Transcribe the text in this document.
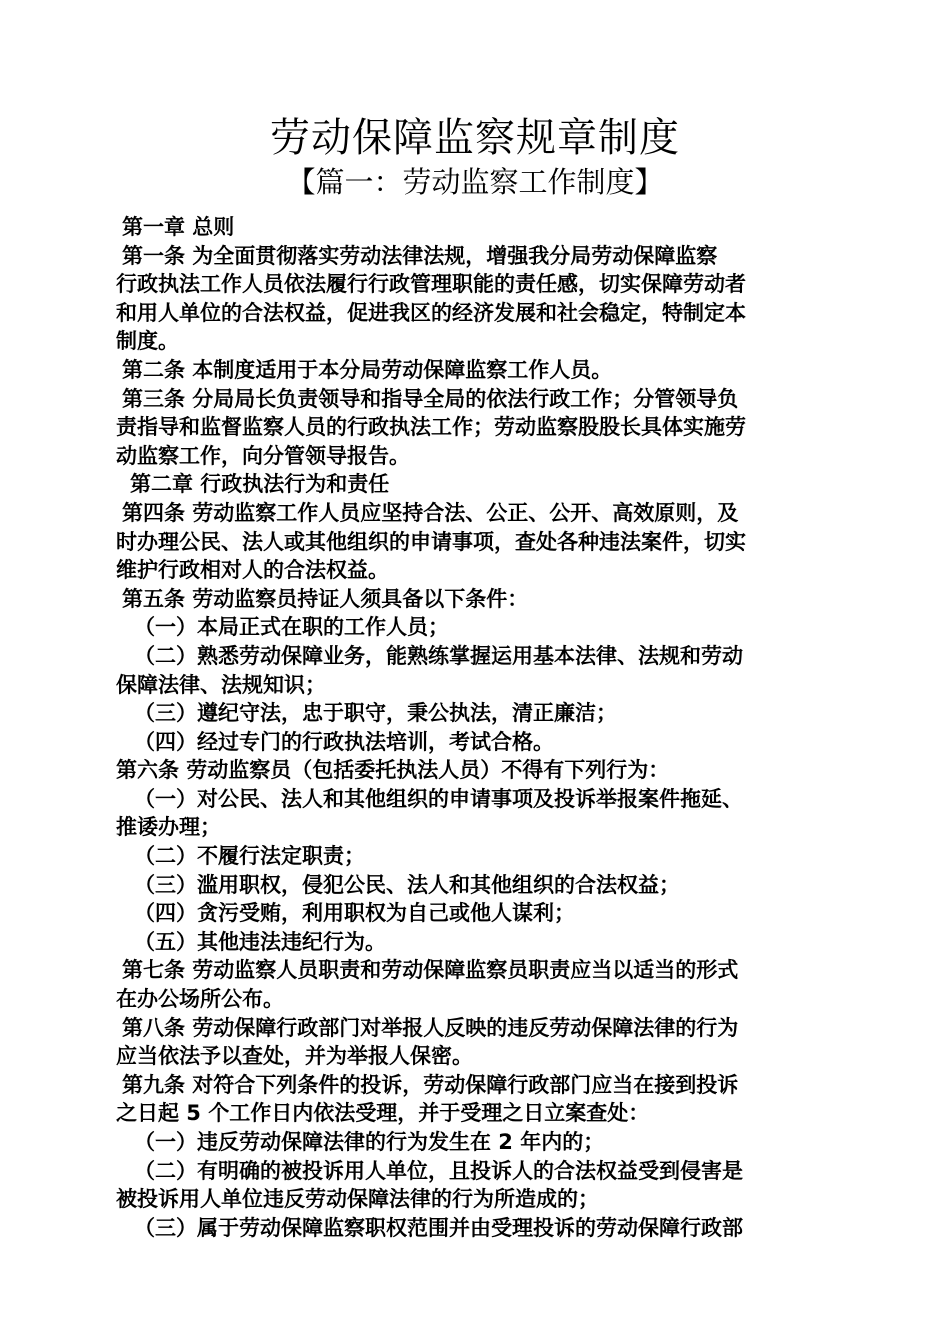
劳动保障监察规章制度
【篇一：劳动监察工作制度】

第一章 总则

第一条 为全面贯彻落实劳动法律法规，增强我分局劳动保障监察

行政执法工作人员依法履行行政管理职能的责任感，切实保障劳动者

和用人单位的合法权益，促进我区的经济发展和社会稳定，特制定本

制度。

第二条 本制度适用于本分局劳动保障监察工作人员。

第三条 分局局长负责领导和指导全局的依法行政工作；分管领导负

责指导和监督监察人员的行政执法工作；劳动监察股股长具体实施劳

动监察工作，向分管领导报告。

第二章 行政执法行为和责任

第四条 劳动监察工作人员应坚持合法、公正、公开、高效原则，及

时办理公民、法人或其他组织的申请事项，查处各种违法案件，切实

维护行政相对人的合法权益。

第五条 劳动监察员持证人须具备以下条件：

（一）本局正式在职的工作人员；

（二）熟悉劳动保障业务，能熟练掌握运用基本法律、法规和劳动

保障法律、法规知识；

（三）遵纪守法，忠于职守，秉公执法，清正廉洁；

（四）经过专门的行政执法培训，考试合格。

第六条 劳动监察员（包括委托执法人员）不得有下列行为：

（一）对公民、法人和其他组织的申请事项及投诉举报案件拖延、

推诿办理；

（二）不履行法定职责；

（三）滥用职权，侵犯公民、法人和其他组织的合法权益；

（四）贪污受贿，利用职权为自己或他人谋利；

（五）其他违法违纪行为。

第七条 劳动监察人员职责和劳动保障监察员职责应当以适当的形式

在办公场所公布。

第八条 劳动保障行政部门对举报人反映的违反劳动保障法律的行为

应当依法予以查处，并为举报人保密。

第九条 对符合下列条件的投诉，劳动保障行政部门应当在接到投诉

之日起 5 个工作日内依法受理，并于受理之日立案查处：

（一）违反劳动保障法律的行为发生在 2 年内的；

（二）有明确的被投诉用人单位，且投诉人的合法权益受到侵害是

被投诉用人单位违反劳动保障法律的行为所造成的；

（三）属于劳动保障监察职权范围并由受理投诉的劳动保障行政部
